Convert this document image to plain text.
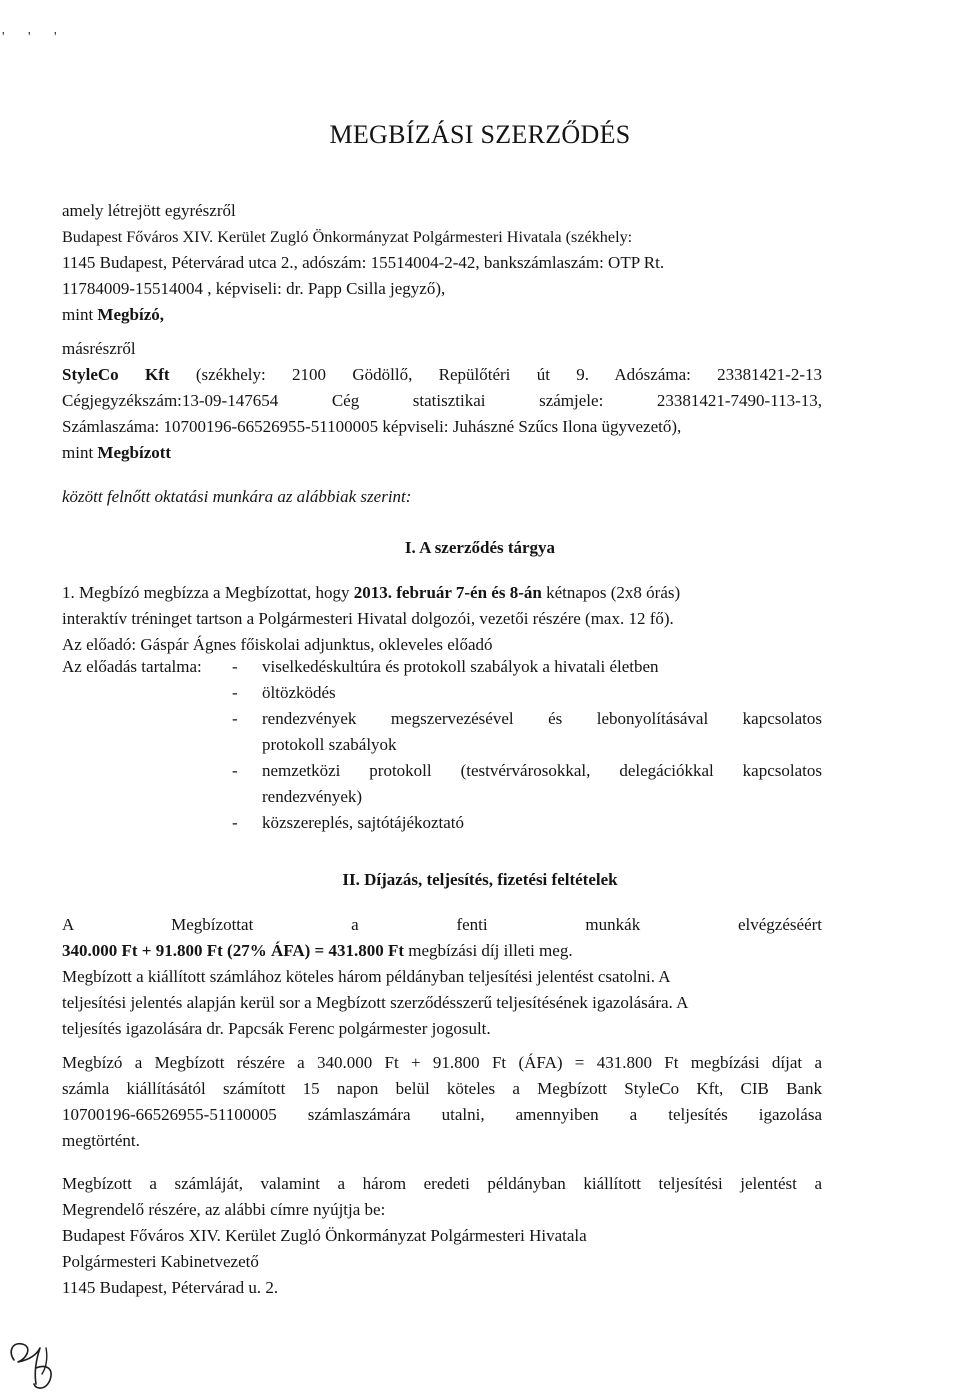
' ' '
MEGBÍZÁSI SZERZŐDÉS
amely létrejött egyrészről
Budapest Főváros XIV. Kerület Zugló Önkormányzat Polgármesteri Hivatala (székhely:
1145 Budapest, Pétervárad utca 2., adószám: 15514004-2-42, bankszámlaszám: OTP Rt.
11784009-15514004 , képviseli: dr. Papp Csilla jegyző),
mint Megbízó,
másrészről
StyleCo Kft (székhely: 2100 Gödöllő, Repülőtéri út 9. Adószáma: 23381421-2-13
Cégjegyzékszám:13-09-147654 Cég statisztikai számjele: 23381421-7490-113-13,
Számlaszáma: 10700196-66526955-51100005 képviseli: Juhászné Szűcs Ilona ügyvezető),
mint Megbízott
között felnőtt oktatási munkára az alábbiak szerint:
I. A szerződés tárgya
1. Megbízó megbízza a Megbízottat, hogy 2013. február 7-én és 8-án kétnapos (2x8 órás)
interaktív tréninget tartson a Polgármesteri Hivatal dolgozói, vezetői részére (max. 12 fő).
Az előadó: Gáspár Ágnes főiskolai adjunktus, okleveles előadó
Az előadás tartalma:	-	viselkedéskultúra és protokoll szabályok a hivatali életben
-	öltözködés
-	rendezvények megszervezésével és lebonyolításával kapcsolatos
protokoll szabályok
-	nemzetközi protokoll (testvérvárosokkal, delegációkkal kapcsolatos
rendezvények)
-	közszereplés, sajtótájékoztató
II. Díjazás, teljesítés, fizetési feltételek
A Megbízottat a fenti munkák elvégzéséért
340.000 Ft + 91.800 Ft (27% ÁFA) = 431.800 Ft megbízási díj illeti meg.
Megbízott a kiállított számlához köteles három példányban teljesítési jelentést csatolni. A
teljesítési jelentés alapján kerül sor a Megbízott szerződésszerű teljesítésének igazolására. A
teljesítés igazolására dr. Papcsák Ferenc polgármester jogosult.
Megbízó a Megbízott részére a 340.000 Ft + 91.800 Ft (ÁFA) = 431.800 Ft megbízási díjat a
számla kiállításától számított 15 napon belül köteles a Megbízott StyleCo Kft, CIB Bank
10700196-66526955-51100005 számlaszámára utalni, amennyiben a teljesítés igazolása
megtörtént.
Megbízott a számláját, valamint a három eredeti példányban kiállított teljesítési jelentést a
Megrendelő részére, az alábbi címre nyújtja be:
Budapest Főváros XIV. Kerület Zugló Önkormányzat Polgármesteri Hivatala
Polgármesteri Kabinetvezető
1145 Budapest, Pétervárad u. 2.
